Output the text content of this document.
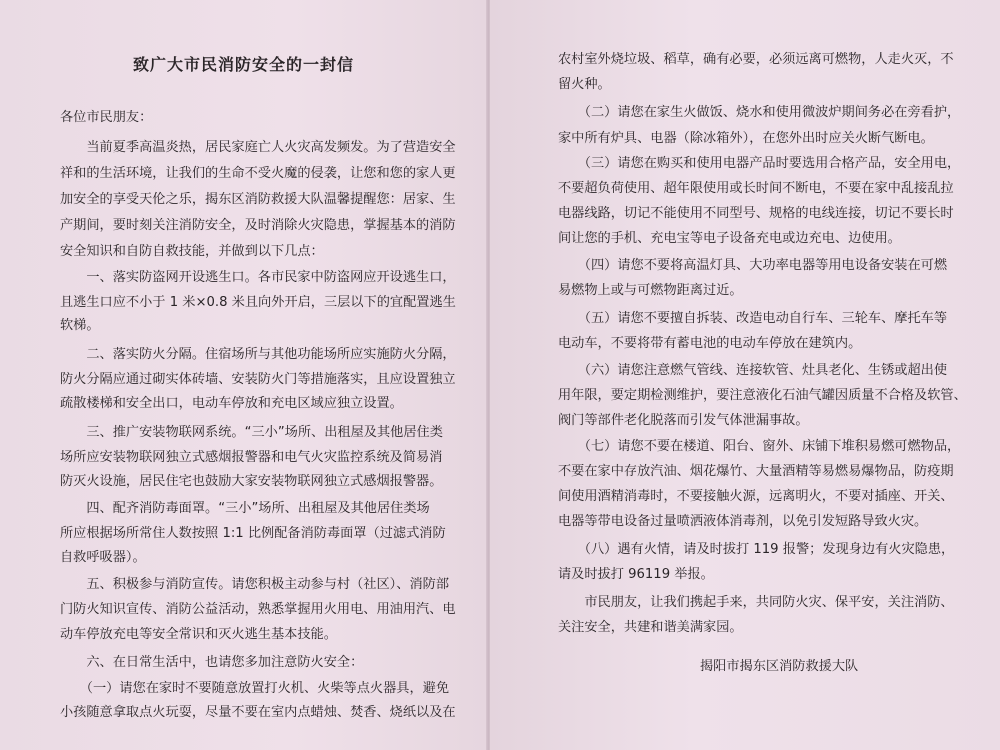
致广大市民消防安全的一封信

各位市民朋友：

　　当前夏季高温炎热，居民家庭亡人火灾高发频发。为了营造安全

祥和的生活环境，让我们的生命不受火魔的侵袭，让您和您的家人更

加安全的享受天伦之乐，揭东区消防救援大队温馨提醒您：居家、生

产期间，要时刻关注消防安全，及时消除火灾隐患，掌握基本的消防

安全知识和自防自救技能，并做到以下几点：

　　一、落实防盗网开设逃生口。各市民家中防盗网应开设逃生口，

且逃生口应不小于 1 米×0.8 米且向外开启，三层以下的宜配置逃生

软梯。

　　二、落实防火分隔。住宿场所与其他功能场所应实施防火分隔，

防火分隔应通过砌实体砖墙、安装防火门等措施落实，且应设置独立

疏散楼梯和安全出口，电动车停放和充电区域应独立设置。

　　三、推广安装物联网系统。“三小”场所、出租屋及其他居住类

场所应安装物联网独立式感烟报警器和电气火灾监控系统及简易消

防灭火设施，居民住宅也鼓励大家安装物联网独立式感烟报警器。

　　四、配齐消防毒面罩。“三小”场所、出租屋及其他居住类场

所应根据场所常住人数按照 1:1 比例配备消防毒面罩（过滤式消防

自救呼吸器）。

　　五、积极参与消防宣传。请您积极主动参与村（社区）、消防部

门防火知识宣传、消防公益活动，熟悉掌握用火用电、用油用汽、电

动车停放充电等安全常识和灭火逃生基本技能。

　　六、在日常生活中，也请您多加注意防火安全：

　　（一）请您在家时不要随意放置打火机、火柴等点火器具，避免

小孩随意拿取点火玩耍，尽量不要在室内点蜡烛、焚香、烧纸以及在

农村室外烧垃圾、稻草，确有必要，必须远离可燃物，人走火灭，不

留火种。

　　（二）请您在家生火做饭、烧水和使用微波炉期间务必在旁看护，

家中所有炉具、电器（除冰箱外），在您外出时应关火断气断电。

　　（三）请您在购买和使用电器产品时要选用合格产品，安全用电，

不要超负荷使用、超年限使用或长时间不断电，不要在家中乱接乱拉

电器线路，切记不能使用不同型号、规格的电线连接，切记不要长时

间让您的手机、充电宝等电子设备充电或边充电、边使用。

　　（四）请您不要将高温灯具、大功率电器等用电设备安装在可燃

易燃物上或与可燃物距离过近。

　　（五）请您不要擅自拆装、改造电动自行车、三轮车、摩托车等

电动车，不要将带有蓄电池的电动车停放在建筑内。

　　（六）请您注意燃气管线、连接软管、灶具老化、生锈或超出使

用年限，要定期检测维护，要注意液化石油气罐因质量不合格及软管、

阀门等部件老化脱落而引发气体泄漏事故。

　　（七）请您不要在楼道、阳台、窗外、床铺下堆积易燃可燃物品，

不要在家中存放汽油、烟花爆竹、大量酒精等易燃易爆物品，防疫期

间使用酒精消毒时，不要接触火源，远离明火，不要对插座、开关、

电器等带电设备过量喷洒液体消毒剂，以免引发短路导致火灾。

　　（八）遇有火情，请及时拔打 119 报警；发现身边有火灾隐患，

请及时拔打 96119 举报。

　　市民朋友，让我们携起手来，共同防火灾、保平安，关注消防、

关注安全，共建和谐美满家园。

揭阳市揭东区消防救援大队
